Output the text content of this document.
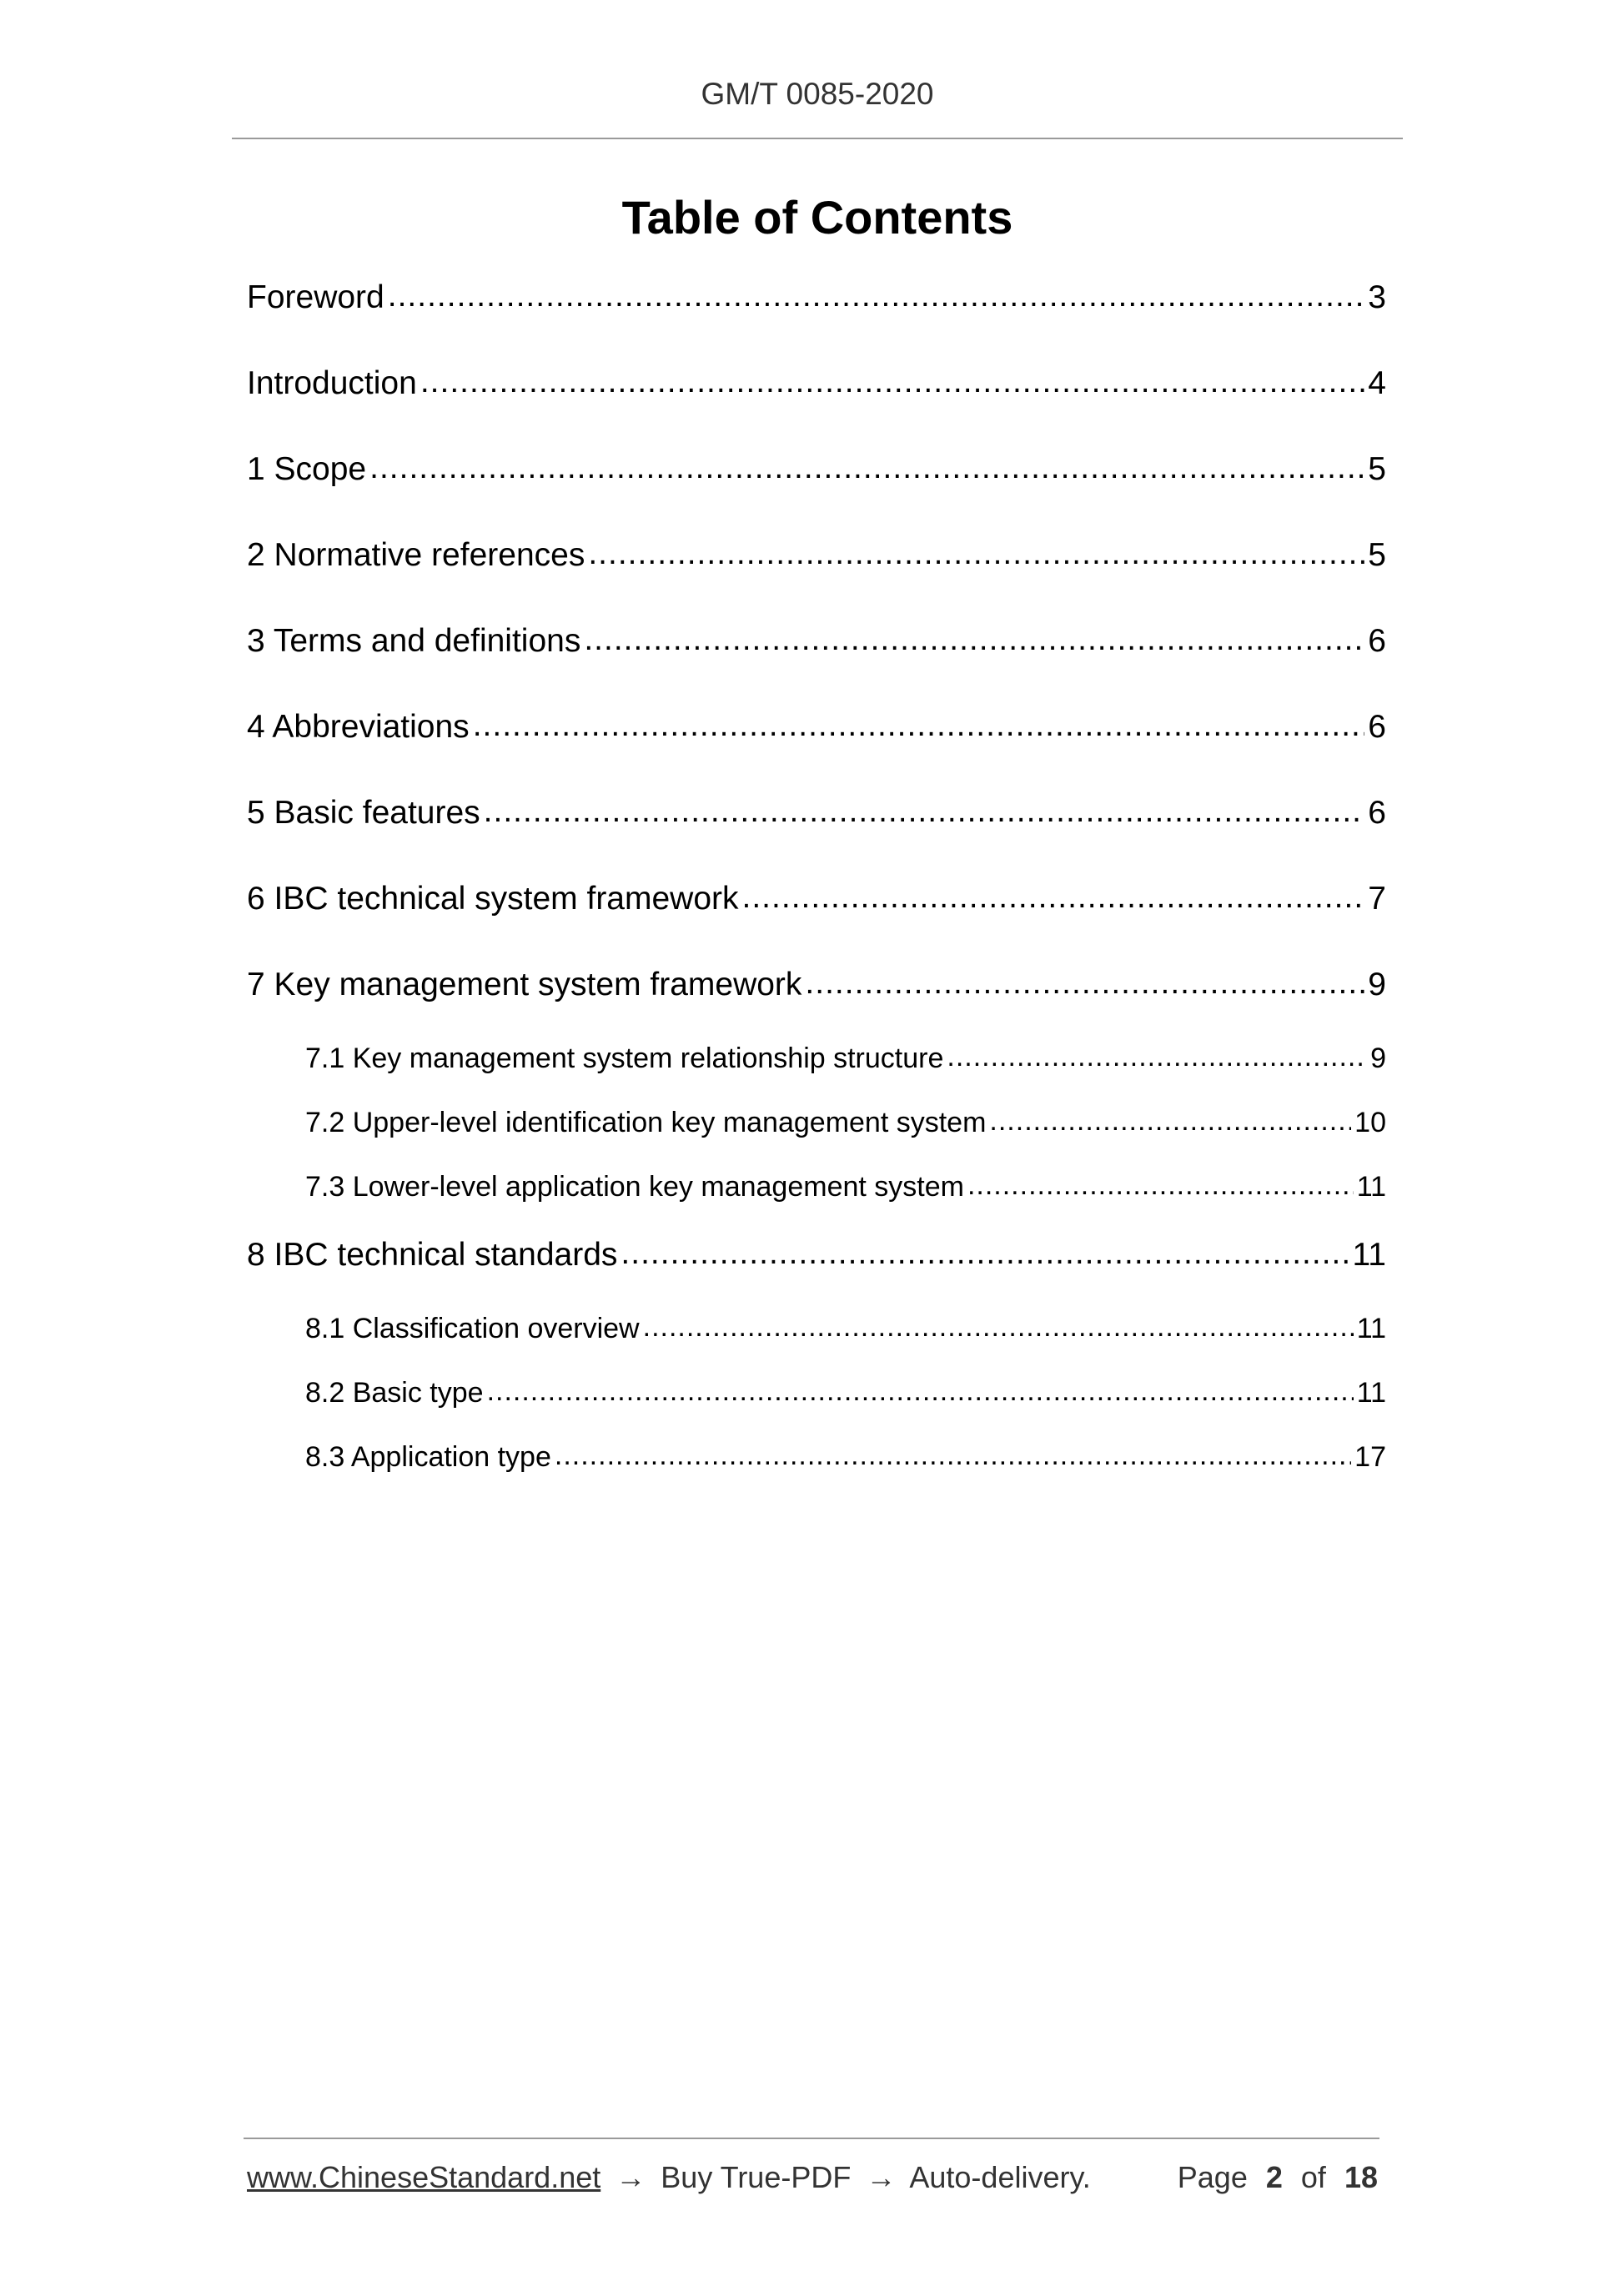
GM/T 0085-2020
Table of Contents
Foreword .....	3
Introduction .....	4
1 Scope .....	5
2 Normative references .....	5
3 Terms and definitions .....	6
4 Abbreviations .....	6
5 Basic features .....	6
6 IBC technical system framework .....	7
7 Key management system framework .....	9
7.1 Key management system relationship structure .....	9
7.2 Upper-level identification key management system .....	10
7.3 Lower-level application key management system .....	11
8 IBC technical standards .....	11
8.1 Classification overview .....	11
8.2 Basic type .....	11
8.3 Application type .....	17
www.ChineseStandard.net → Buy True-PDF → Auto-delivery.	Page 2 of 18
